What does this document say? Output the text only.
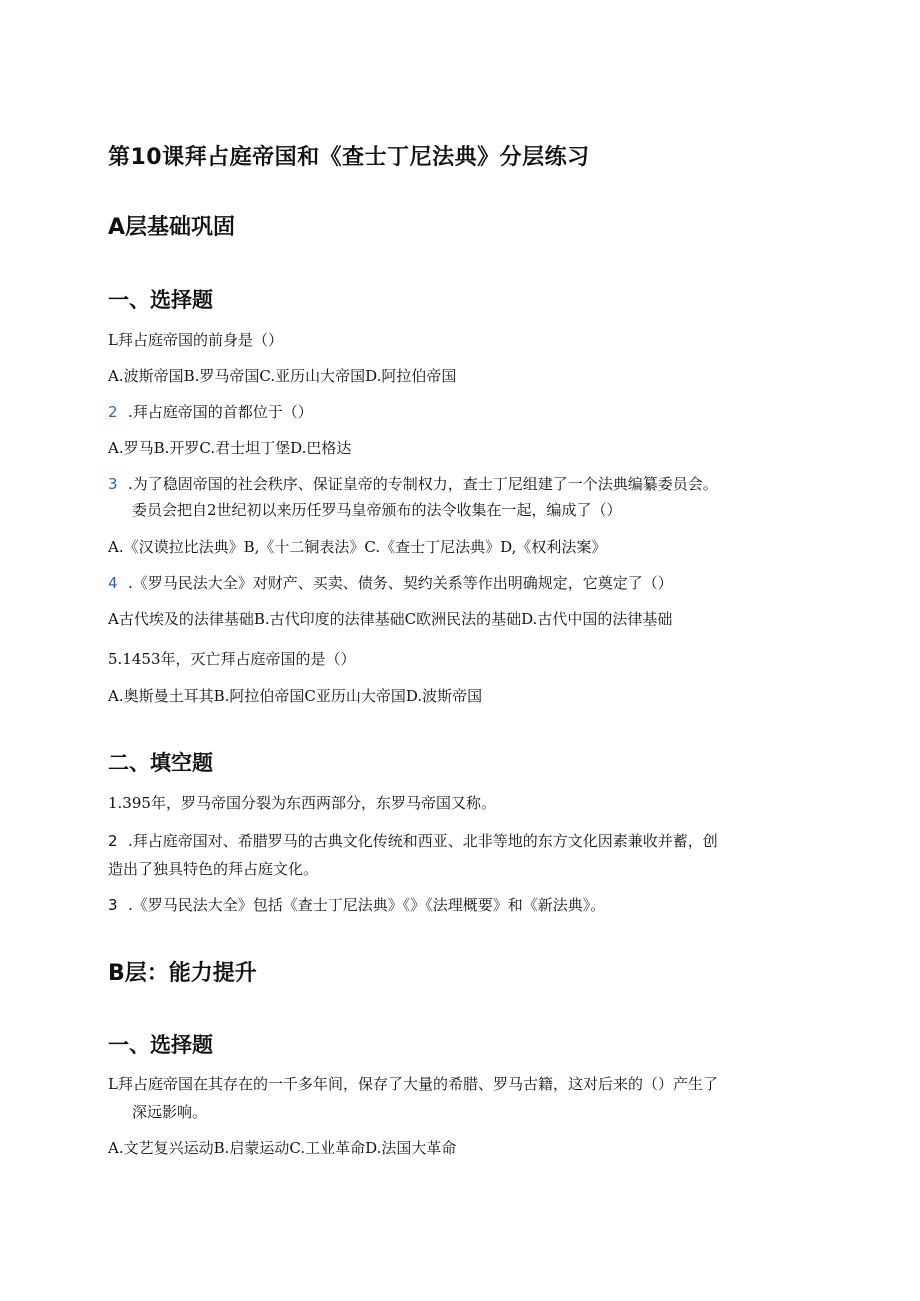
第10课拜占庭帝国和《查士丁尼法典》分层练习
A层基础巩固
一、选择题
L拜占庭帝国的前身是（）
A.波斯帝国B.罗马帝国C.亚历山大帝国D.阿拉伯帝国
2 .拜占庭帝国的首都位于（）
A.罗马B.开罗C.君士坦丁堡D.巴格达
3 .为了稳固帝国的社会秩序、保证皇帝的专制权力，查士丁尼组建了一个法典编纂委员会。
委员会把自2世纪初以来历任罗马皇帝颁布的法令收集在一起，编成了（）
A.《汉谟拉比法典》B,《十二铜表法》C.《查士丁尼法典》D,《权利法案》
4 .《罗马民法大全》对财产、买卖、债务、契约关系等作出明确规定，它奠定了（）
A古代埃及的法律基础B.古代印度的法律基础C欧洲民法的基础D.古代中国的法律基础
5.1453年，灭亡拜占庭帝国的是（）
A.奥斯曼土耳其B.阿拉伯帝国C亚历山大帝国D.波斯帝国
二、填空题
1.395年，罗马帝国分裂为东西两部分，东罗马帝国又称。
2 .拜占庭帝国对、希腊罗马的古典文化传统和西亚、北非等地的东方文化因素兼收并蓄，创
造出了独具特色的拜占庭文化。
3 .《罗马民法大全》包括《查士丁尼法典》《》《法理概要》和《新法典》。
B层：能力提升
一、选择题
L拜占庭帝国在其存在的一千多年间，保存了大量的希腊、罗马古籍，这对后来的（）产生了
深远影响。
A.文艺复兴运动B.启蒙运动C.工业革命D.法国大革命
